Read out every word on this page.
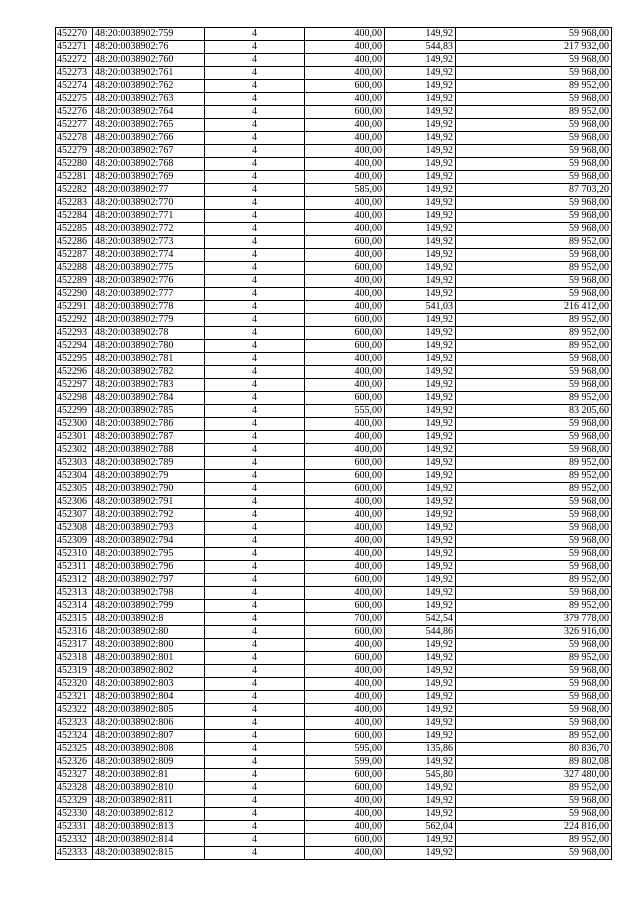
452270	48:20:0038902:759	4	400,00	149,92	59 968,00
452271	48:20:0038902:76	4	400,00	544,83	217 932,00
452272	48:20:0038902:760	4	400,00	149,92	59 968,00
452273	48:20:0038902:761	4	400,00	149,92	59 968,00
452274	48:20:0038902:762	4	600,00	149,92	89 952,00
452275	48:20:0038902:763	4	400,00	149,92	59 968,00
452276	48:20:0038902:764	4	600,00	149,92	89 952,00
452277	48:20:0038902:765	4	400,00	149,92	59 968,00
452278	48:20:0038902:766	4	400,00	149,92	59 968,00
452279	48:20:0038902:767	4	400,00	149,92	59 968,00
452280	48:20:0038902:768	4	400,00	149,92	59 968,00
452281	48:20:0038902:769	4	400,00	149,92	59 968,00
452282	48:20:0038902:77	4	585,00	149,92	87 703,20
452283	48:20:0038902:770	4	400,00	149,92	59 968,00
452284	48:20:0038902:771	4	400,00	149,92	59 968,00
452285	48:20:0038902:772	4	400,00	149,92	59 968,00
452286	48:20:0038902:773	4	600,00	149,92	89 952,00
452287	48:20:0038902:774	4	400,00	149,92	59 968,00
452288	48:20:0038902:775	4	600,00	149,92	89 952,00
452289	48:20:0038902:776	4	400,00	149,92	59 968,00
452290	48:20:0038902:777	4	400,00	149,92	59 968,00
452291	48:20:0038902:778	4	400,00	541,03	216 412,00
452292	48:20:0038902:779	4	600,00	149,92	89 952,00
452293	48:20:0038902:78	4	600,00	149,92	89 952,00
452294	48:20:0038902:780	4	600,00	149,92	89 952,00
452295	48:20:0038902:781	4	400,00	149,92	59 968,00
452296	48:20:0038902:782	4	400,00	149,92	59 968,00
452297	48:20:0038902:783	4	400,00	149,92	59 968,00
452298	48:20:0038902:784	4	600,00	149,92	89 952,00
452299	48:20:0038902:785	4	555,00	149,92	83 205,60
452300	48:20:0038902:786	4	400,00	149,92	59 968,00
452301	48:20:0038902:787	4	400,00	149,92	59 968,00
452302	48:20:0038902:788	4	400,00	149,92	59 968,00
452303	48:20:0038902:789	4	600,00	149,92	89 952,00
452304	48:20:0038902:79	4	600,00	149,92	89 952,00
452305	48:20:0038902:790	4	600,00	149,92	89 952,00
452306	48:20:0038902:791	4	400,00	149,92	59 968,00
452307	48:20:0038902:792	4	400,00	149,92	59 968,00
452308	48:20:0038902:793	4	400,00	149,92	59 968,00
452309	48:20:0038902:794	4	400,00	149,92	59 968,00
452310	48:20:0038902:795	4	400,00	149,92	59 968,00
452311	48:20:0038902:796	4	400,00	149,92	59 968,00
452312	48:20:0038902:797	4	600,00	149,92	89 952,00
452313	48:20:0038902:798	4	400,00	149,92	59 968,00
452314	48:20:0038902:799	4	600,00	149,92	89 952,00
452315	48:20:0038902:8	4	700,00	542,54	379 778,00
452316	48:20:0038902:80	4	600,00	544,86	326 916,00
452317	48:20:0038902:800	4	400,00	149,92	59 968,00
452318	48:20:0038902:801	4	600,00	149,92	89 952,00
452319	48:20:0038902:802	4	400,00	149,92	59 968,00
452320	48:20:0038902:803	4	400,00	149,92	59 968,00
452321	48:20:0038902:804	4	400,00	149,92	59 968,00
452322	48:20:0038902:805	4	400,00	149,92	59 968,00
452323	48:20:0038902:806	4	400,00	149,92	59 968,00
452324	48:20:0038902:807	4	600,00	149,92	89 952,00
452325	48:20:0038902:808	4	595,00	135,86	80 836,70
452326	48:20:0038902:809	4	599,00	149,92	89 802,08
452327	48:20:0038902:81	4	600,00	545,80	327 480,00
452328	48:20:0038902:810	4	600,00	149,92	89 952,00
452329	48:20:0038902:811	4	400,00	149,92	59 968,00
452330	48:20:0038902:812	4	400,00	149,92	59 968,00
452331	48:20:0038902:813	4	400,00	562,04	224 816,00
452332	48:20:0038902:814	4	600,00	149,92	89 952,00
452333	48:20:0038902:815	4	400,00	149,92	59 968,00
